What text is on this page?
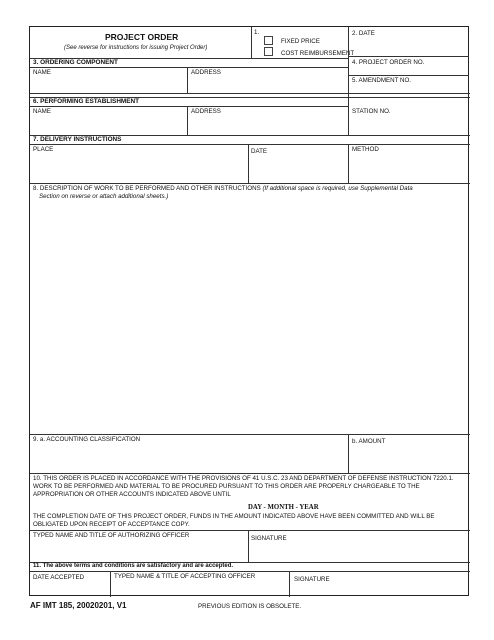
PROJECT ORDER
(See reverse for instructions for issuing Project Order)
1.
FIXED PRICE
COST REIMBURSEMENT
2. DATE
3. ORDERING COMPONENT	4. PROJECT ORDER NO.
NAME	ADDRESS
5. AMENDMENT NO.
6. PERFORMING ESTABLISHMENT
NAME	ADDRESS	STATION NO.
7. DELIVERY INSTRUCTIONS
PLACE	DATE	METHOD
8. DESCRIPTION OF WORK TO BE PERFORMED AND OTHER INSTRUCTIONS (If additional space is required, use Supplemental Data
Section on reverse or attach additional sheets.)
9. a. ACCOUNTING CLASSIFICATION	b. AMOUNT
10. THIS ORDER IS PLACED IN ACCORDANCE WITH THE PROVISIONS OF 41 U.S.C. 23 AND DEPARTMENT OF DEFENSE INSTRUCTION 7220.1. WORK TO BE PERFORMED AND MATERIAL TO BE PROCURED PURSUANT TO THIS ORDER ARE PROPERLY CHARGEABLE TO THE APPROPRIATION OR OTHER ACCOUNTS INDICATED ABOVE UNTIL
DAY - MONTH - YEAR
THE COMPLETION DATE OF THIS PROJECT ORDER, FUNDS IN THE AMOUNT INDICATED ABOVE HAVE BEEN COMMITTED AND WILL BE OBLIGATED UPON RECEIPT OF ACCEPTANCE COPY.
TYPED NAME AND TITLE OF AUTHORIZING OFFICER	SIGNATURE
11. The above terms and conditions are satisfactory and are accepted.
DATE ACCEPTED	TYPED NAME & TITLE OF ACCEPTING OFFICER	SIGNATURE
AF IMT 185, 20020201, V1	PREVIOUS EDITION IS OBSOLETE.
